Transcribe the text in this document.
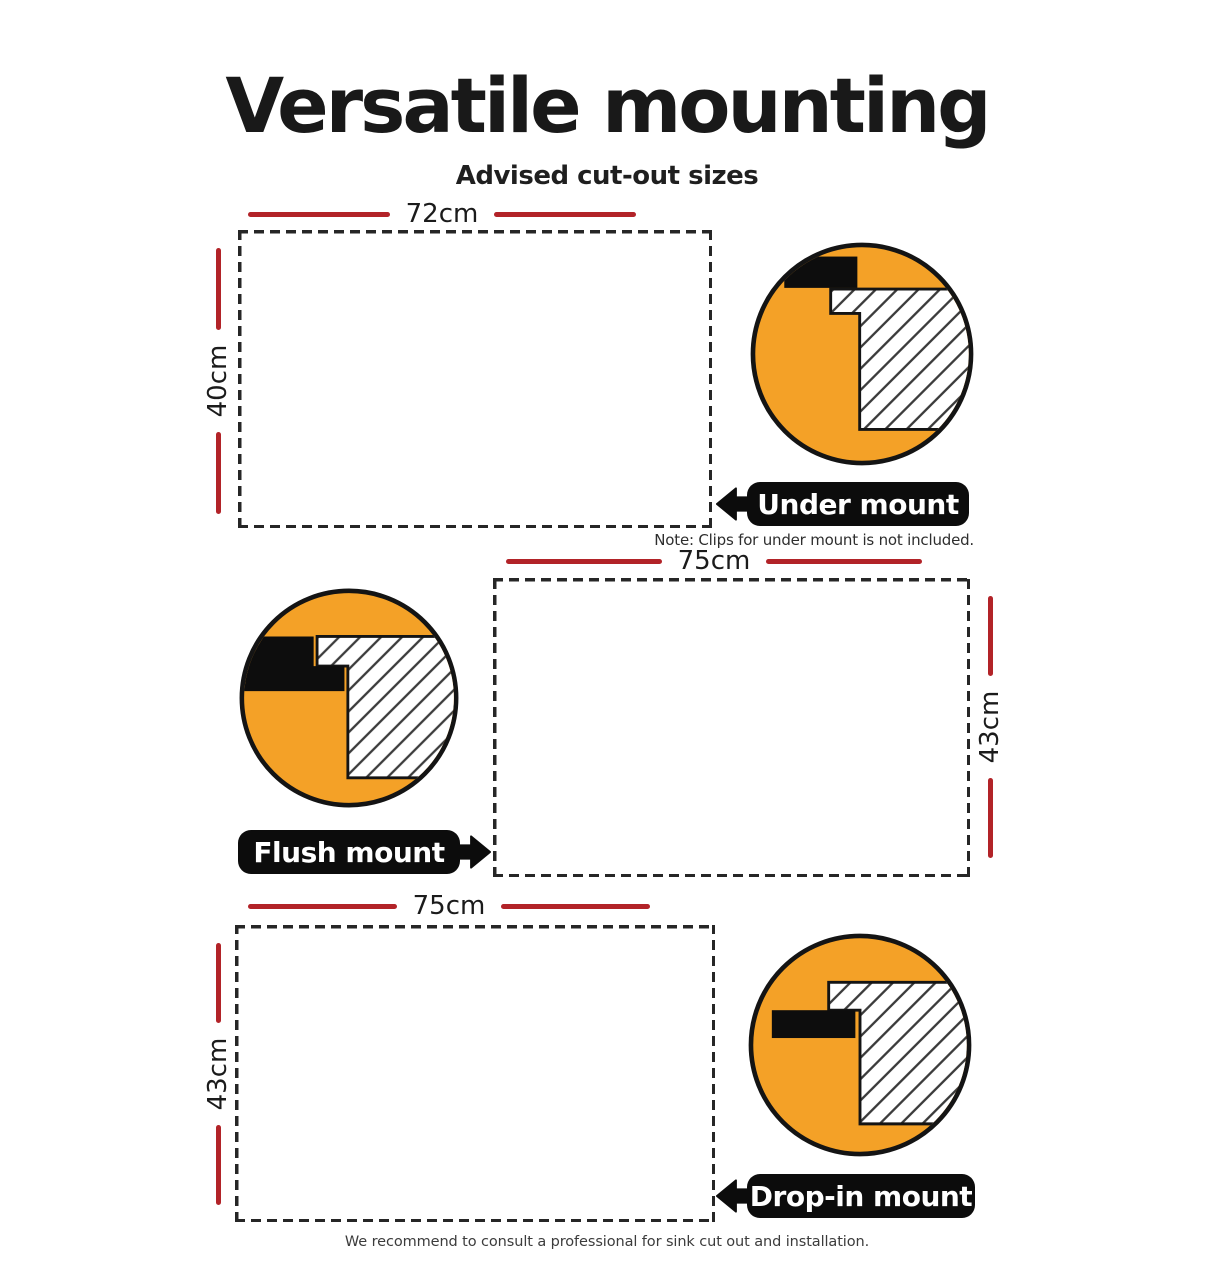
Versatile mounting
Advised cut-out sizes
72cm
40cm
Under mount
Note: Clips for under mount is not included.
75cm
43cm
Flush mount
75cm
43cm
Drop-in mount
We recommend to consult a professional for sink cut out and installation.
